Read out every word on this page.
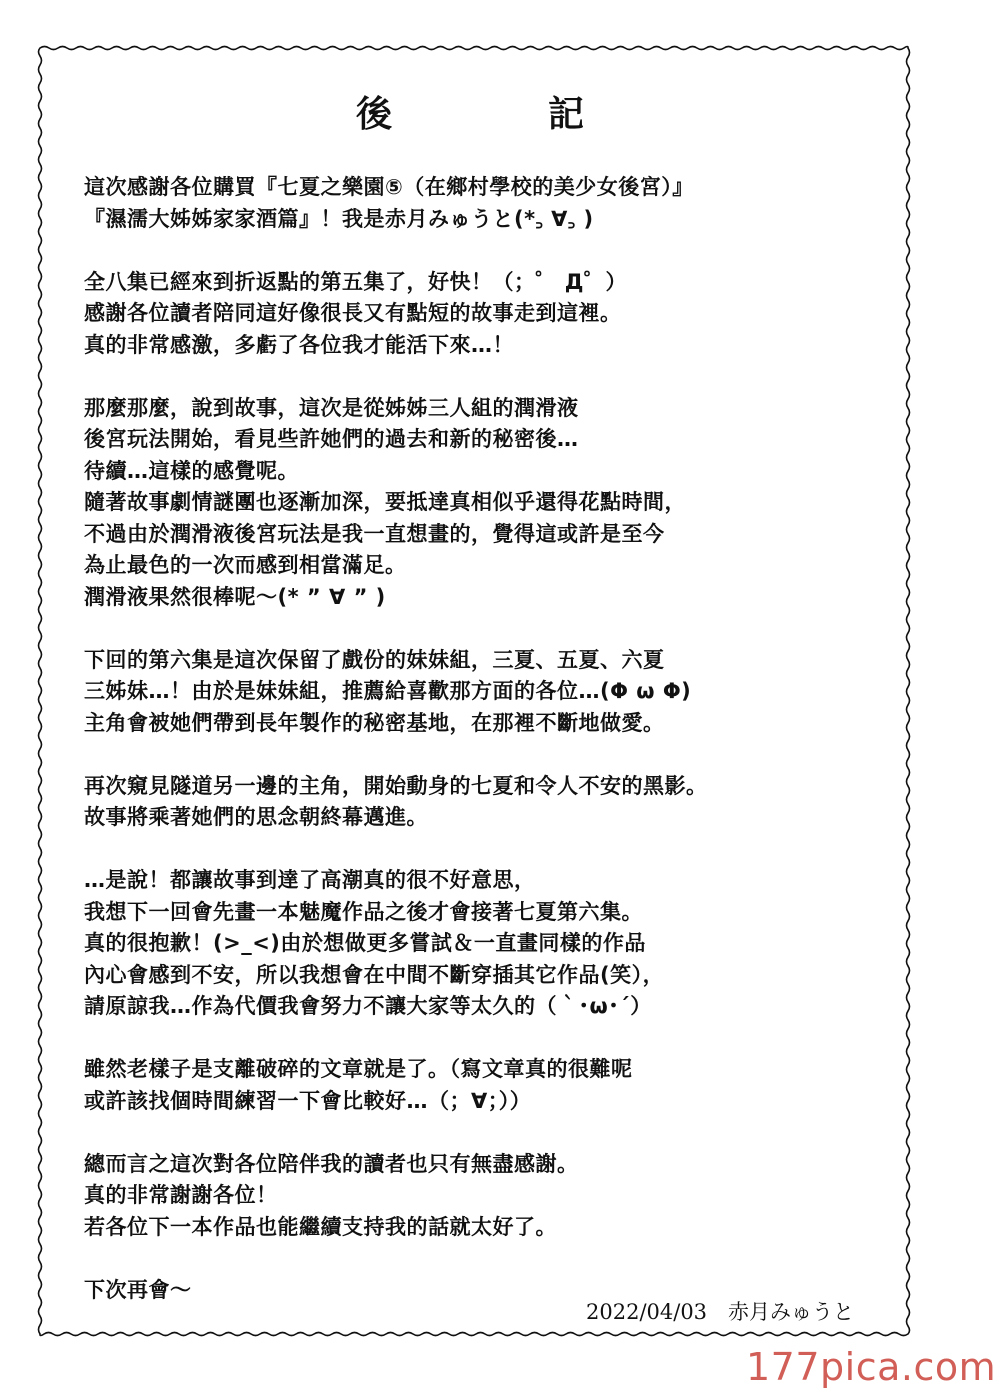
後	記
這次感謝各位購買『七夏之樂園⑤（在鄉村學校的美少女後宮）』
『濕濡大姊姊家家酒篇』！我是赤月みゅうと(*꜆ ∀꜆ )
全八集已經來到折返點的第五集了，好快！（；゜ Д゜）
感謝各位讀者陪同這好像很長又有點短的故事走到這裡。
真的非常感激，多虧了各位我才能活下來…！
那麼那麼，說到故事，這次是從姊姊三人組的潤滑液
後宮玩法開始，看見些許她們的過去和新的秘密後…
待續…這樣的感覺呢。
隨著故事劇情謎團也逐漸加深，要抵達真相似乎還得花點時間，
不過由於潤滑液後宮玩法是我一直想畫的，覺得這或許是至今
為止最色的一次而感到相當滿足。
潤滑液果然很棒呢～(* ” ∀ ” )
下回的第六集是這次保留了戲份的妹妹組，三夏、五夏、六夏
三姊妹…！由於是妹妹組，推薦給喜歡那方面的各位…(Φ ω Φ)
主角會被她們帶到長年製作的秘密基地，在那裡不斷地做愛。
再次窺見隧道另一邊的主角，開始動身的七夏和令人不安的黑影。
故事將乘著她們的思念朝終幕邁進。
…是說！都讓故事到達了高潮真的很不好意思，
我想下一回會先畫一本魅魔作品之後才會接著七夏第六集。
真的很抱歉！(>_<)由於想做更多嘗試＆一直畫同樣的作品
內心會感到不安，所以我想會在中間不斷穿插其它作品(笑），
請原諒我…作為代價我會努力不讓大家等太久的（｀･ω･´）
雖然老樣子是支離破碎的文章就是了。（寫文章真的很難呢
或許該找個時間練習一下會比較好…（；∀；））
總而言之這次對各位陪伴我的讀者也只有無盡感謝。
真的非常謝謝各位！
若各位下一本作品也能繼續支持我的話就太好了。
下次再會～
2022/04/03　赤月みゅうと
177pica.com
